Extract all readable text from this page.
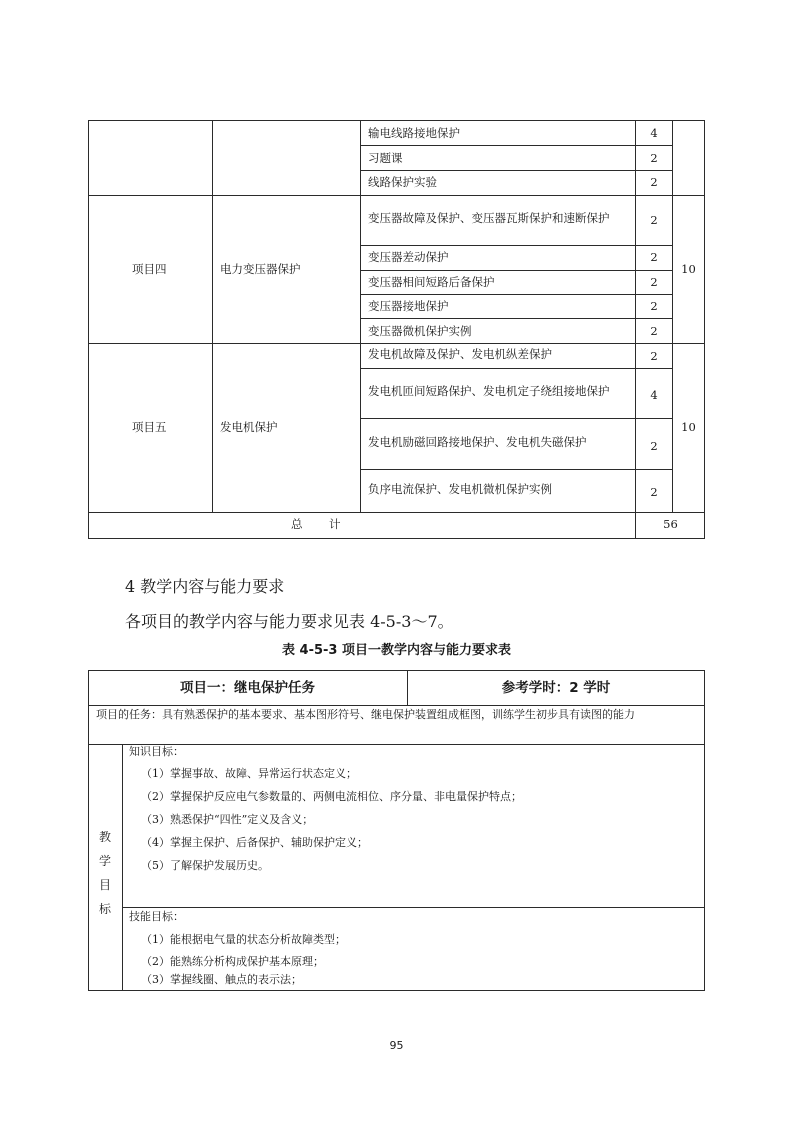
输电线路接地保护	4
习题课	2
线路保护实验	2
项目四	电力变压器保护	10
变压器故障及保护、变压器瓦斯保护和速断保护	2
变压器差动保护	2
变压器相间短路后备保护	2
变压器接地保护	2
变压器微机保护实例	2
项目五	发电机保护	10
发电机故障及保护、发电机纵差保护	2
发电机匝间短路保护、发电机定子绕组接地保护	4
发电机励磁回路接地保护、发电机失磁保护	2
负序电流保护、发电机微机保护实例	2
总 计	56
4 教学内容与能力要求
各项目的教学内容与能力要求见表 4-5-3～7。
表 4-5-3 项目一教学内容与能力要求表
项目一：继电保护任务	参考学时：2 学时
项目的任务：具有熟悉保护的基本要求、基本图形符号、继电保护装置组成框图，训练学生初步具有读图的能力
教
学
目
标
知识目标：
（1）掌握事故、故障、异常运行状态定义；
（2）掌握保护反应电气参数量的、两侧电流相位、序分量、非电量保护特点；
（3）熟悉保护“四性”定义及含义；
（4）掌握主保护、后备保护、辅助保护定义；
（5）了解保护发展历史。
技能目标：
（1）能根据电气量的状态分析故障类型；
（2）能熟练分析构成保护基本原理；
（3）掌握线圈、触点的表示法；
95
